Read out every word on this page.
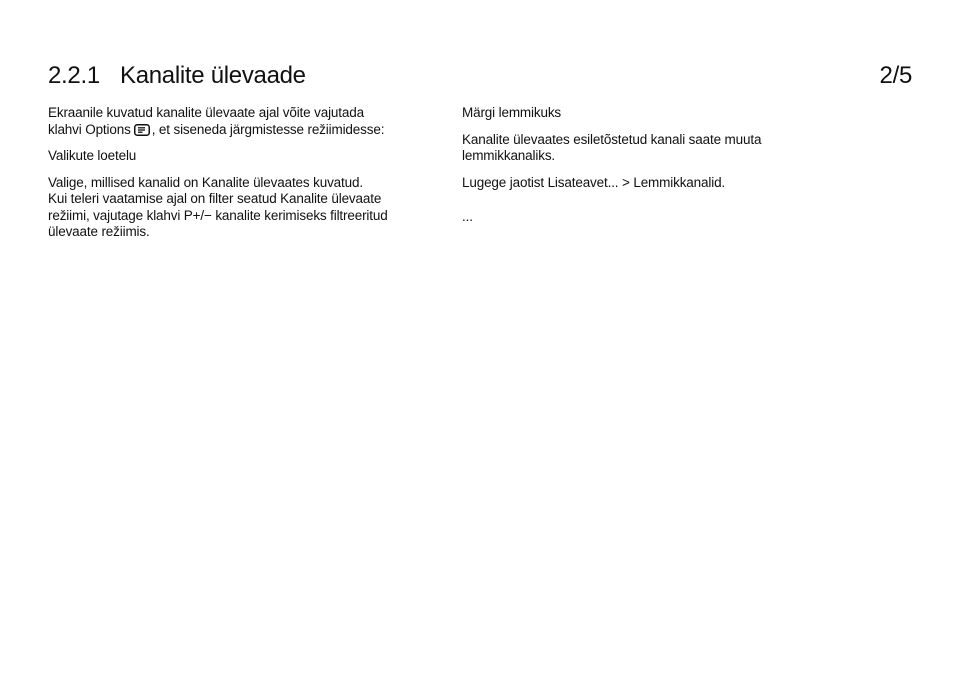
2.2.1 Kanalite ülevaade	2/5
Ekraanile kuvatud kanalite ülevaate ajal võite vajutada
klahvi Options , et siseneda järgmistesse režiimidesse:
Valikute loetelu
Valige, millised kanalid on Kanalite ülevaates kuvatud.
Kui teleri vaatamise ajal on filter seatud Kanalite ülevaate
režiimi, vajutage klahvi P+/− kanalite kerimiseks filtreeritud
ülevaate režiimis.
Märgi lemmikuks
Kanalite ülevaates esiletõstetud kanali saate muuta
lemmikkanaliks.
Lugege jaotist Lisateavet... > Lemmikkanalid.
...
